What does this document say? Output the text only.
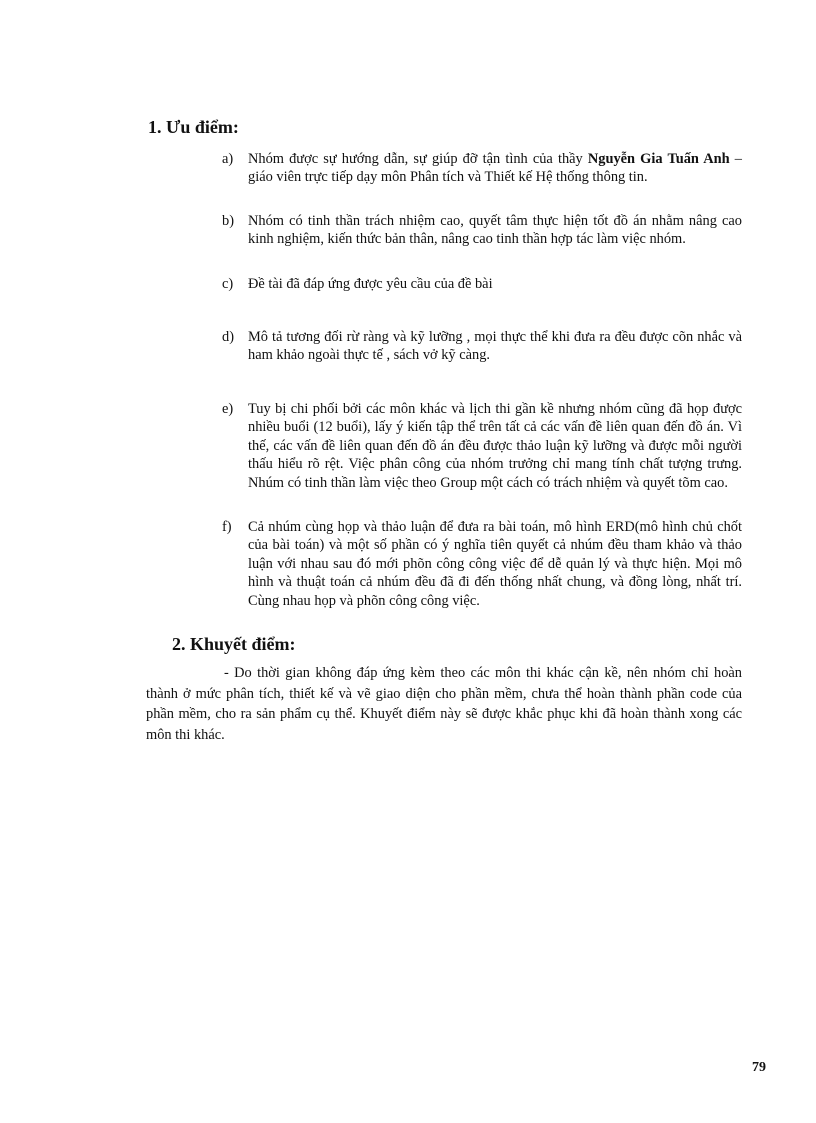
1. Ưu điểm:
a) Nhóm được sự hướng dẫn, sự giúp đỡ tận tình của thầy Nguyễn Gia Tuấn Anh – giáo viên trực tiếp dạy môn Phân tích và Thiết kế Hệ thống thông tin.
b) Nhóm có tinh thần trách nhiệm cao, quyết tâm thực hiện tốt đồ án nhằm nâng cao kinh nghiệm, kiến thức bản thân, nâng cao tinh thần hợp tác làm việc nhóm.
c) Đề tài đã đáp ứng được yêu cầu của đề bài
d) Mô tả tương đối rừ ràng và kỹ lưỡng , mọi thực thể khi đưa ra đều được cõn nhắc và ham khảo ngoài thực tế , sách vở kỹ càng.
e) Tuy bị chi phối bởi các môn khác và lịch thi gần kề nhưng nhóm cũng đã họp được nhiều buổi (12 buổi), lấy ý kiến tập thể trên tất cả các vấn đề liên quan đến đồ án. Vì thế, các vấn đề liên quan đến đồ án đều được thảo luận kỹ lưỡng và được mỗi người thấu hiểu rõ rệt. Việc phân công của nhóm trưởng chỉ mang tính chất tượng trưng. Nhúm có tinh thần làm việc theo Group một cách có trách nhiệm và quyết tõm cao.
f) Cả nhúm cùng họp và thảo luận để đưa ra bài toán, mô hình ERD(mô hình chủ chốt của bài toán) và một số phần có ý nghĩa tiên quyết cả nhúm đều tham khảo và thảo luận với nhau sau đó mới phõn công công việc để dễ quản lý và thực hiện. Mọi mô hình và thuật toán cả nhúm đều đã đi đến thống nhất chung, và đồng lòng, nhất trí. Cùng nhau họp và phõn công công việc.
2. Khuyết điểm:

- Do thời gian không đáp ứng kèm theo các môn thi khác cận kề, nên nhóm chỉ hoàn thành ở mức phân tích, thiết kế và vẽ giao diện cho phần mềm, chưa thể hoàn thành phần code của phần mềm, cho ra sản phẩm cụ thể. Khuyết điểm này sẽ được khắc phục khi đã hoàn thành xong các môn thi khác.

79
